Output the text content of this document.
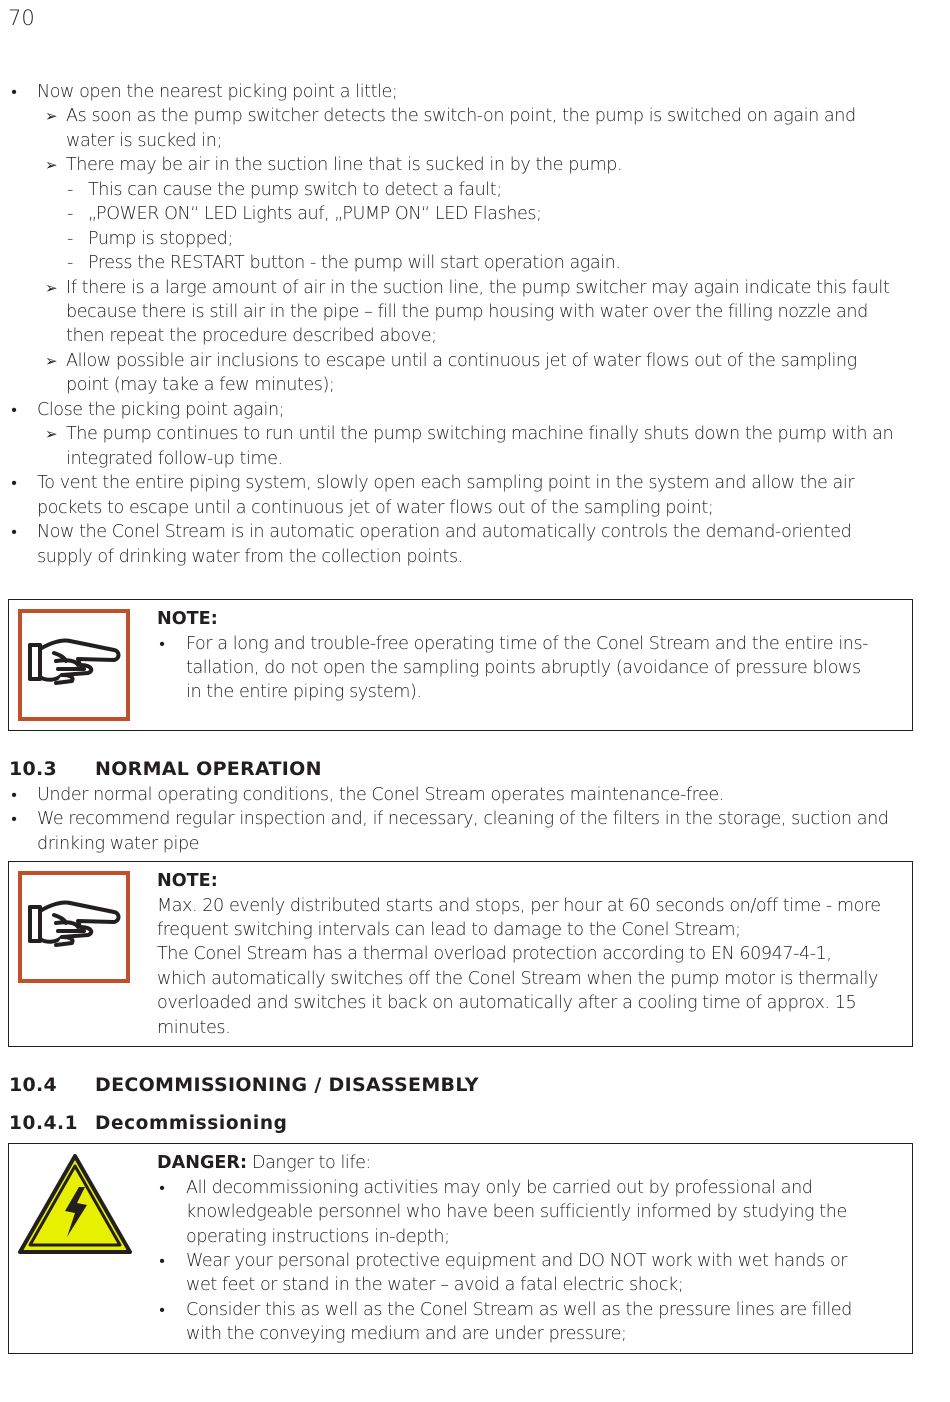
70
• Now open the nearest picking point a little;
➢ As soon as the pump switcher detects the switch-on point, the pump is switched on again and
water is sucked in;
➢ There may be air in the suction line that is sucked in by the pump.
- This can cause the pump switch to detect a fault;
- „POWER ON“ LED Lights auf, „PUMP ON“ LED Flashes;
- Pump is stopped;
- Press the RESTART button - the pump will start operation again.
➢ If there is a large amount of air in the suction line, the pump switcher may again indicate this fault
because there is still air in the pipe – fill the pump housing with water over the filling nozzle and
then repeat the procedure described above;
➢ Allow possible air inclusions to escape until a continuous jet of water flows out of the sampling
point (may take a few minutes);
• Close the picking point again;
➢ The pump continues to run until the pump switching machine finally shuts down the pump with an
integrated follow-up time.
• To vent the entire piping system, slowly open each sampling point in the system and allow the air
pockets to escape until a continuous jet of water flows out of the sampling point;
• Now the Conel Stream is in automatic operation and automatically controls the demand-oriented
supply of drinking water from the collection points.
NOTE:
• For a long and trouble-free operating time of the Conel Stream and the entire ins-
tallation, do not open the sampling points abruptly (avoidance of pressure blows
in the entire piping system).
10.3 NORMAL OPERATION
• Under normal operating conditions, the Conel Stream operates maintenance-free.
• We recommend regular inspection and, if necessary, cleaning of the filters in the storage, suction and
drinking water pipe
NOTE:
Max. 20 evenly distributed starts and stops, per hour at 60 seconds on/off time - more
frequent switching intervals can lead to damage to the Conel Stream;
The Conel Stream has a thermal overload protection according to EN 60947-4-1,
which automatically switches off the Conel Stream when the pump motor is thermally
overloaded and switches it back on automatically after a cooling time of approx. 15
minutes.
10.4 DECOMMISSIONING / DISASSEMBLY
10.4.1 Decommissioning
DANGER: Danger to life:
• All decommissioning activities may only be carried out by professional and
knowledgeable personnel who have been sufficiently informed by studying the
operating instructions in-depth;
• Wear your personal protective equipment and DO NOT work with wet hands or
wet feet or stand in the water – avoid a fatal electric shock;
• Consider this as well as the Conel Stream as well as the pressure lines are filled
with the conveying medium and are under pressure;
